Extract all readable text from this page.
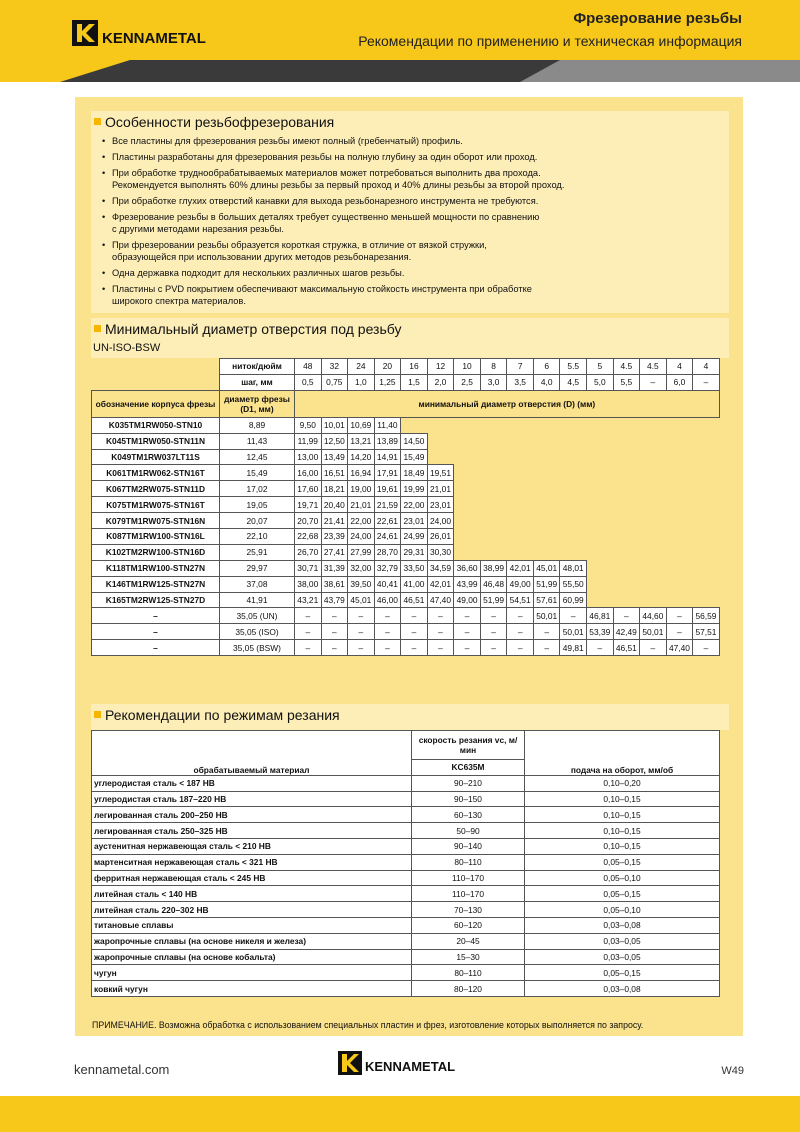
KENNAMETAL
Фрезерование резьбы
Рекомендации по применению и техническая информация
Особенности резьбофрезерования
• Все пластины для фрезерования резьбы имеют полный (гребенчатый) профиль.
• Пластины разработаны для фрезерования резьбы на полную глубину за один оборот или проход.
• При обработке труднообрабатываемых материалов может потребоваться выполнить два прохода.
Рекомендуется выполнять 60% длины резьбы за первый проход и 40% длины резьбы за второй проход.
• При обработке глухих отверстий канавки для выхода резьбонарезного инструмента не требуются.
• Фрезерование резьбы в больших деталях требует существенно меньшей мощности по сравнению
с другими методами нарезания резьбы.
• При фрезеровании резьбы образуется короткая стружка, в отличие от вязкой стружки,
образующейся при использовании других методов резьбонарезания.
• Одна державка подходит для нескольких различных шагов резьбы.
• Пластины с PVD покрытием обеспечивают максимальную стойкость инструмента при обработке
широкого спектра материалов.
Минимальный диаметр отверстия под резьбу
UN-ISO-BSW
	ниток/дюйм	48	32	24	20	16	12	10	8	7	6	5.5	5	4.5	4.5	4	4	
	шаг, мм	0,5	0,75	1,0	1,25	1,5	2,0	2,5	3,0	3,5	4,0	4,5	5,0	5,5	–	6,0	–	
обозначение корпуса фрезы	диаметр фрезы (D1, мм)	минимальный диаметр отверстия (D) (мм)																
K035TM1RW050-STN10	8,89	9,50	10,01	10,69	11,40													
K045TM1RW050-STN11N	11,43	11,99	12,50	13,21	13,89	14,50												
K049TM1RW037LT11S	12,45	13,00	13,49	14,20	14,91	15,49												
K061TM1RW062-STN16T	15,49	16,00	16,51	16,94	17,91	18,49	19,51											
K067TM2RW075-STN11D	17,02	17,60	18,21	19,00	19,61	19,99	21,01											
K075TM1RW075-STN16T	19,05	19,71	20,40	21,01	21,59	22,00	23,01											
K079TM1RW075-STN16N	20,07	20,70	21,41	22,00	22,61	23,01	24,00											
K087TM1RW100-STN16L	22,10	22,68	23,39	24,00	24,61	24,99	26,01											
K102TM2RW100-STN16D	25,91	26,70	27,41	27,99	28,70	29,31	30,30											
K118TM1RW100-STN27N	29,97	30,71	31,39	32,00	32,79	33,50	34,59	36,60	38,99	42,01	45,01	48,01						
K146TM1RW125-STN27N	37,08	38,00	38,61	39,50	40,41	41,00	42,01	43,99	46,48	49,00	51,99	55,50						
K165TM2RW125-STN27D	41,91	43,21	43,79	45,01	46,00	46,51	47,40	49,00	51,99	54,51	57,61	60,99						
–	35,05 (UN)	–	–	–	–	–	–	–	–	–	50,01	–	46,81	–	44,60	–	56,59	
–	35,05 (ISO)	–	–	–	–	–	–	–	–	–	–	50,01	53,39	42,49	50,01	–	57,51	
–	35,05 (BSW)	–	–	–	–	–	–	–	–	–	–	49,81	–	46,51	–	47,40	–	
Рекомендации по режимам резания
обрабатываемый материал	скорость резания vc, м/мин	подача на оборот, мм/об
	KC635M	
углеродистая сталь < 187 HB	90–210	0,10–0,20
углеродистая сталь 187–220 HB	90–150	0,10–0,15
легированная сталь 200–250 HB	60–130	0,10–0,15
легированная сталь 250–325 HB	50–90	0,10–0,15
аустенитная нержавеющая сталь < 210 HB	90–140	0,10–0,15
мартенситная нержавеющая сталь < 321 HB	80–110	0,05–0,15
ферритная нержавеющая сталь < 245 HB	110–170	0,05–0,10
литейная сталь < 140 HB	110–170	0,05–0,15
литейная сталь 220–302 HB	70–130	0,05–0,10
титановые сплавы	60–120	0,03–0,08
жаропрочные сплавы (на основе никеля и железа)	20–45	0,03–0,05
жаропрочные сплавы (на основе кобальта)	15–30	0,03–0,05
чугун	80–110	0,05–0,15
ковкий чугун	80–120	0,03–0,08
ПРИМЕЧАНИЕ. Возможна обработка с использованием специальных пластин и фрез, изготовление которых выполняется по запросу.
kennametal.com	KENNAMETAL	W49
